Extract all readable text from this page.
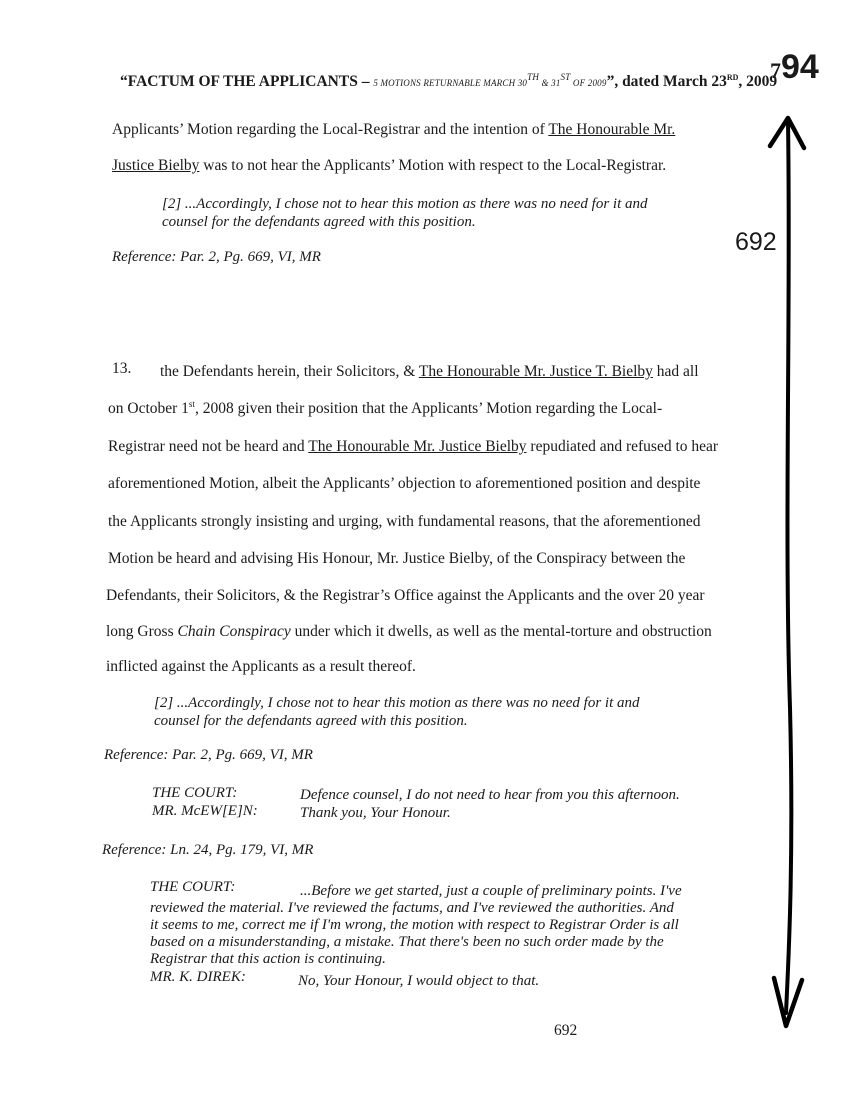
“FACTUM OF THE APPLICANTS – 5 MOTIONS RETURNABLE MARCH 30TH & 31ST OF 2009”, dated March 23RD, 2009
794
692
Applicants’ Motion regarding the Local-Registrar and the intention of The Honourable Mr.
Justice Bielby was to not hear the Applicants’ Motion with respect to the Local-Registrar.
[2] ...Accordingly, I chose not to hear this motion as there was no need for it and
counsel for the defendants agreed with this position.
Reference: Par. 2, Pg. 669, VI, MR
13. the Defendants herein, their Solicitors, & The Honourable Mr. Justice T. Bielby had all
on October 1st, 2008 given their position that the Applicants’ Motion regarding the Local-
Registrar need not be heard and The Honourable Mr. Justice Bielby repudiated and refused to hear
aforementioned Motion, albeit the Applicants’ objection to aforementioned position and despite
the Applicants strongly insisting and urging, with fundamental reasons, that the aforementioned
Motion be heard and advising His Honour, Mr. Justice Bielby, of the Conspiracy between the
Defendants, their Solicitors, & the Registrar’s Office against the Applicants and the over 20 year
long Gross Chain Conspiracy under which it dwells, as well as the mental-torture and obstruction
inflicted against the Applicants as a result thereof.
[2] ...Accordingly, I chose not to hear this motion as there was no need for it and
counsel for the defendants agreed with this position.
Reference: Par. 2, Pg. 669, VI, MR
THE COURT:	Defence counsel, I do not need to hear from you this afternoon.
MR. McEW[E]N:	Thank you, Your Honour.
Reference: Ln. 24, Pg. 179, VI, MR
THE COURT:	...Before we get started, just a couple of preliminary points. I've
reviewed the material. I've reviewed the factums, and I've reviewed the authorities. And
it seems to me, correct me if I'm wrong, the motion with respect to Registrar Order is all
based on a misunderstanding, a mistake. That there's been no such order made by the
Registrar that this action is continuing.
MR. K. DIREK:	No, Your Honour, I would object to that.
692
